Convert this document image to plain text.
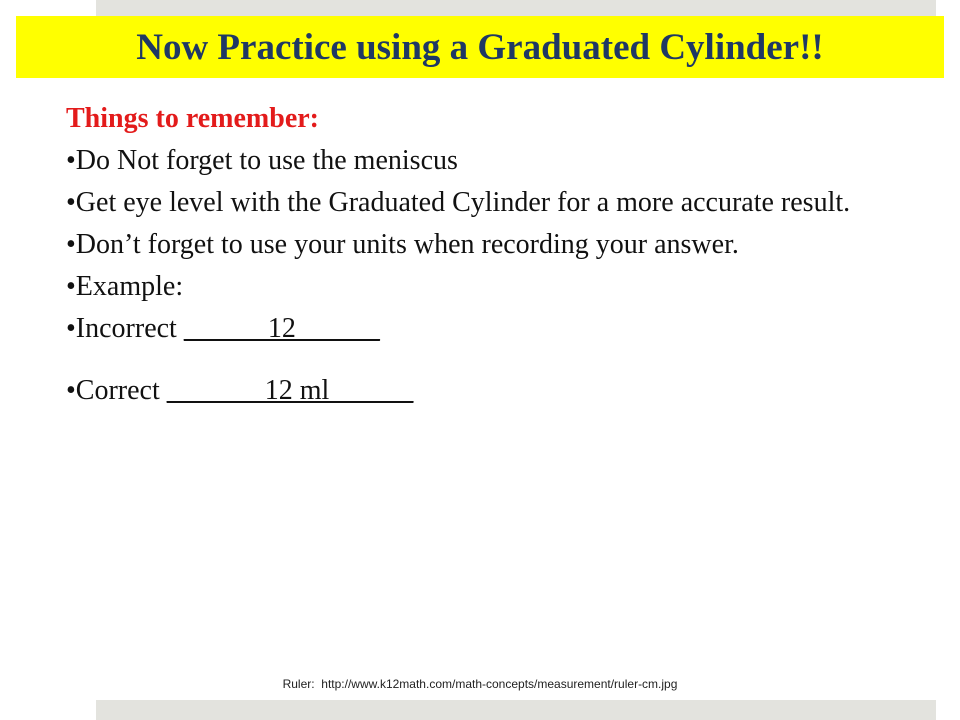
Now Practice using a Graduated Cylinder!!
Things to remember:
•Do Not forget to use the meniscus
•Get eye level with the Graduated Cylinder for a more accurate result.
•Don’t forget to use your units when recording your answer.
•Example:
•Incorrect ______12______
•Correct _______12 ml______
Ruler:  http://www.k12math.com/math-concepts/measurement/ruler-cm.jpg
